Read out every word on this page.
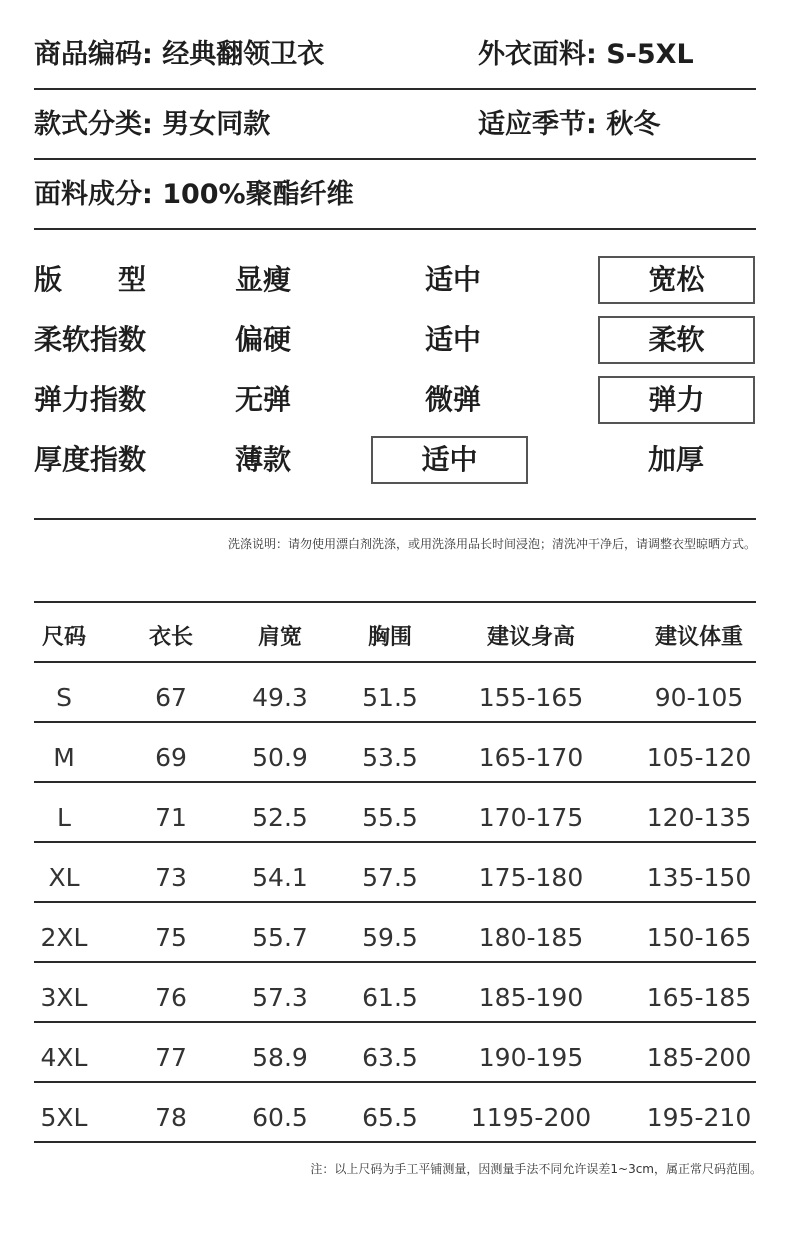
商品编码: 经典翻领卫衣	外衣面料: S-5XL
款式分类: 男女同款	适应季节: 秋冬
面料成分: 100%聚酯纤维
版　　型	显瘦	适中	宽松
柔软指数	偏硬	适中	柔软
弹力指数	无弹	微弹	弹力
厚度指数	薄款	适中	加厚
洗涤说明：请勿使用漂白剂洗涤，或用洗涤用品长时间浸泡；清洗冲干净后，请调整衣型晾晒方式。
尺码	衣长	肩宽	胸围	建议身高	建议体重
S	67	49.3	51.5	155-165	90-105
M	69	50.9	53.5	165-170	105-120
L	71	52.5	55.5	170-175	120-135
XL	73	54.1	57.5	175-180	135-150
2XL	75	55.7	59.5	180-185	150-165
3XL	76	57.3	61.5	185-190	165-185
4XL	77	58.9	63.5	190-195	185-200
5XL	78	60.5	65.5	1195-200	195-210
注：以上尺码为手工平铺测量，因测量手法不同允许误差1~3cm，属正常尺码范围。
